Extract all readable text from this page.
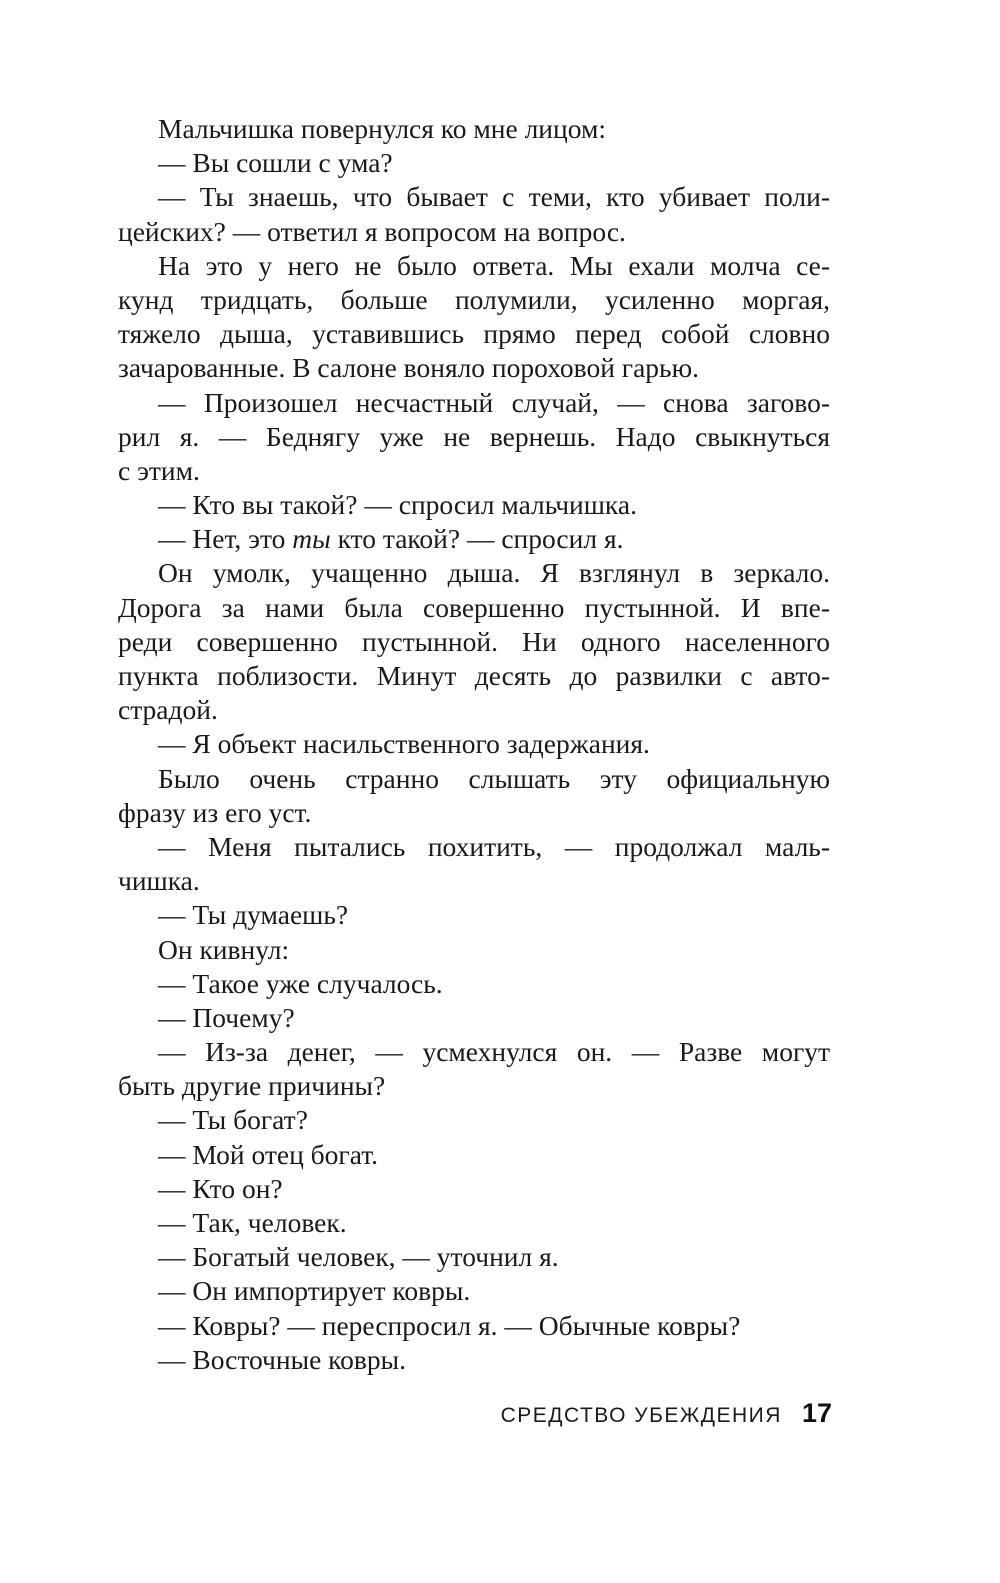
Мальчишка повернулся ко мне лицом:
— Вы сошли с ума?
— Ты знаешь, что бывает с теми, кто убивает поли-
цейских? — ответил я вопросом на вопрос.
На это у него не было ответа. Мы ехали молча се-
кунд тридцать, больше полумили, усиленно моргая,
тяжело дыша, уставившись прямо перед собой словно
зачарованные. В салоне воняло пороховой гарью.
— Произошел несчастный случай, — снова загово-
рил я. — Беднягу уже не вернешь. Надо свыкнуться
с этим.
— Кто вы такой? — спросил мальчишка.
— Нет, это ты кто такой? — спросил я.
Он умолк, учащенно дыша. Я взглянул в зеркало.
Дорога за нами была совершенно пустынной. И впе-
реди совершенно пустынной. Ни одного населенного
пункта поблизости. Минут десять до развилки с авто-
страдой.
— Я объект насильственного задержания.
Было очень странно слышать эту официальную
фразу из его уст.
— Меня пытались похитить, — продолжал маль-
чишка.
— Ты думаешь?
Он кивнул:
— Такое уже случалось.
— Почему?
— Из-за денег, — усмехнулся он. — Разве могут
быть другие причины?
— Ты богат?
— Мой отец богат.
— Кто он?
— Так, человек.
— Богатый человек, — уточнил я.
— Он импортирует ковры.
— Ковры? — переспросил я. — Обычные ковры?
— Восточные ковры.
СРЕДСТВО УБЕЖДЕНИЯ 17
